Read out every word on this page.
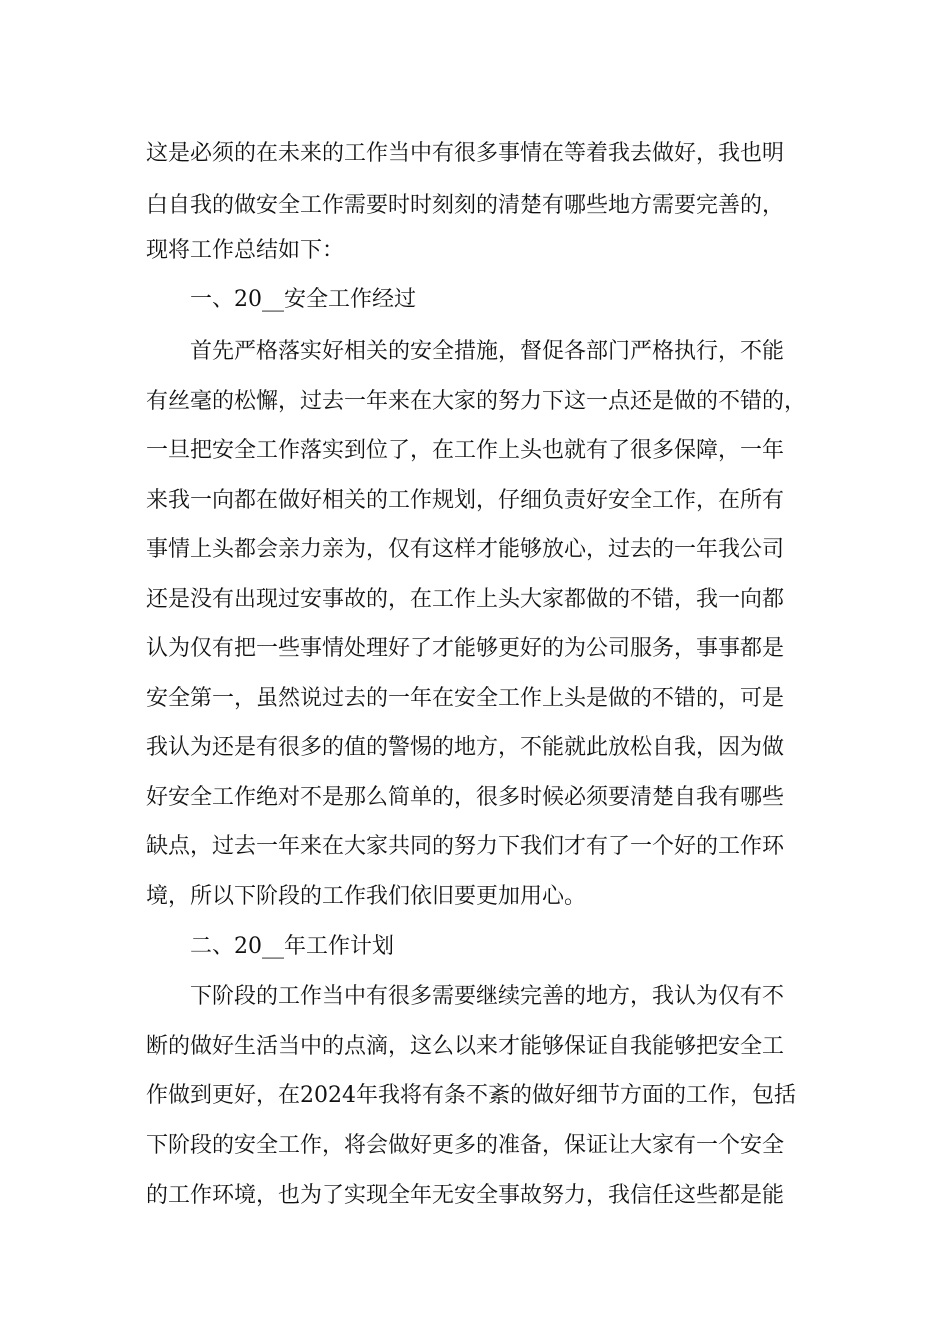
这是必须的在未来的工作当中有很多事情在等着我去做好，我也明
白自我的做安全工作需要时时刻刻的清楚有哪些地方需要完善的，
现将工作总结如下：
一、20__安全工作经过
首先严格落实好相关的安全措施，督促各部门严格执行，不能
有丝毫的松懈，过去一年来在大家的努力下这一点还是做的不错的，
一旦把安全工作落实到位了，在工作上头也就有了很多保障，一年
来我一向都在做好相关的工作规划，仔细负责好安全工作，在所有
事情上头都会亲力亲为，仅有这样才能够放心，过去的一年我公司
还是没有出现过安事故的，在工作上头大家都做的不错，我一向都
认为仅有把一些事情处理好了才能够更好的为公司服务，事事都是
安全第一，虽然说过去的一年在安全工作上头是做的不错的，可是
我认为还是有很多的值的警惕的地方，不能就此放松自我，因为做
好安全工作绝对不是那么简单的，很多时候必须要清楚自我有哪些
缺点，过去一年来在大家共同的努力下我们才有了一个好的工作环
境，所以下阶段的工作我们依旧要更加用心。
二、20__年工作计划
下阶段的工作当中有很多需要继续完善的地方，我认为仅有不
断的做好生活当中的点滴，这么以来才能够保证自我能够把安全工
作做到更好，在2024年我将有条不紊的做好细节方面的工作，包括
下阶段的安全工作，将会做好更多的准备，保证让大家有一个安全
的工作环境，也为了实现全年无安全事故努力，我信任这些都是能
